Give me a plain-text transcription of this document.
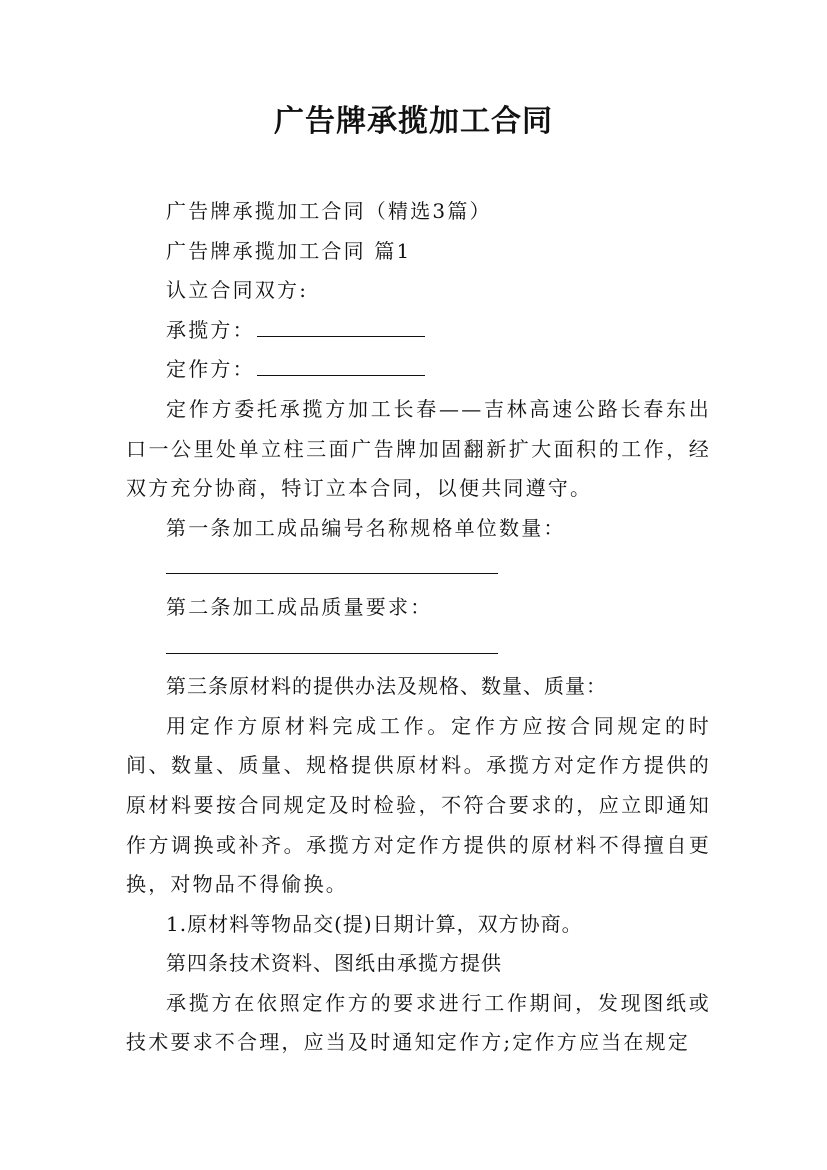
广告牌承揽加工合同

广告牌承揽加工合同（精选3篇）

广告牌承揽加工合同 篇1

认立合同双方:

承揽方：

定作方：

定作方委托承揽方加工长春——吉林高速公路长春东出口一公里处单立柱三面广告牌加固翻新扩大面积的工作，经双方充分协商，特订立本合同，以便共同遵守。

第一条加工成品编号名称规格单位数量：

第二条加工成品质量要求：

第三条原材料的提供办法及规格、数量、质量：

用定作方原材料完成工作。定作方应按合同规定的时间、数量、质量、规格提供原材料。承揽方对定作方提供的原材料要按合同规定及时检验，不符合要求的，应立即通知作方调换或补齐。承揽方对定作方提供的原材料不得擅自更换，对物品不得偷换。

1.原材料等物品交(提)日期计算，双方协商。

第四条技术资料、图纸由承揽方提供

承揽方在依照定作方的要求进行工作期间，发现图纸或技术要求不合理，应当及时通知定作方;定作方应当在规定
